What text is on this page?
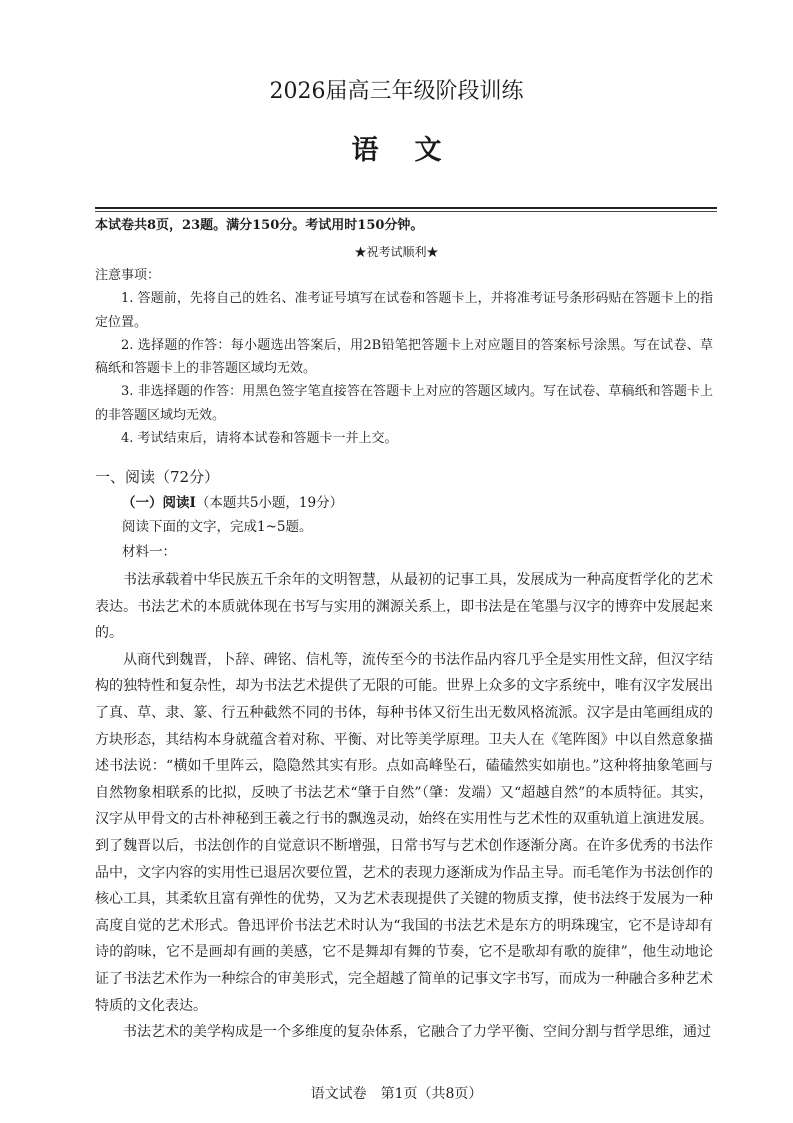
2026届高三年级阶段训练
语文
本试卷共8页，23题。满分150分。考试用时150分钟。
★祝考试顺利★

注意事项：

1. 答题前，先将自己的姓名、准考证号填写在试卷和答题卡上，并将准考证号条形码贴在答题卡上的指定位置。

2. 选择题的作答：每小题选出答案后，用2B铅笔把答题卡上对应题目的答案标号涂黑。写在试卷、草稿纸和答题卡上的非答题区域均无效。

3. 非选择题的作答：用黑色签字笔直接答在答题卡上对应的答题区域内。写在试卷、草稿纸和答题卡上的非答题区域均无效。

4. 考试结束后，请将本试卷和答题卡一并上交。

一、阅读（72分）
（一）阅读Ⅰ（本题共5小题，19分）
阅读下面的文字，完成1~5题。
材料一：

书法承载着中华民族五千余年的文明智慧，从最初的记事工具，发展成为一种高度哲学化的艺术表达。书法艺术的本质就体现在书写与实用的渊源关系上，即书法是在笔墨与汉字的博弈中发展起来的。

从商代到魏晋，卜辞、碑铭、信札等，流传至今的书法作品内容几乎全是实用性文辞，但汉字结构的独特性和复杂性，却为书法艺术提供了无限的可能。世界上众多的文字系统中，唯有汉字发展出了真、草、隶、篆、行五种截然不同的书体，每种书体又衍生出无数风格流派。汉字是由笔画组成的方块形态，其结构本身就蕴含着对称、平衡、对比等美学原理。卫夫人在《笔阵图》中以自然意象描述书法说：“横如千里阵云，隐隐然其实有形。点如高峰坠石，磕磕然实如崩也。”这种将抽象笔画与自然物象相联系的比拟，反映了书法艺术“肇于自然”（肇：发端）又“超越自然”的本质特征。其实，汉字从甲骨文的古朴神秘到王羲之行书的飘逸灵动，始终在实用性与艺术性的双重轨道上演进发展。到了魏晋以后，书法创作的自觉意识不断增强，日常书写与艺术创作逐渐分离。在许多优秀的书法作品中，文字内容的实用性已退居次要位置，艺术的表现力逐渐成为作品主导。而毛笔作为书法创作的核心工具，其柔软且富有弹性的优势，又为艺术表现提供了关键的物质支撑，使书法终于发展为一种高度自觉的艺术形式。鲁迅评价书法艺术时认为“我国的书法艺术是东方的明珠瑰宝，它不是诗却有诗的韵味，它不是画却有画的美感，它不是舞却有舞的节奏，它不是歌却有歌的旋律”，他生动地论证了书法艺术作为一种综合的审美形式，完全超越了简单的记事文字书写，而成为一种融合多种艺术特质的文化表达。

书法艺术的美学构成是一个多维度的复杂体系，它融合了力学平衡、空间分割与哲学思维，通过

语文试卷　第1页（共8页）
